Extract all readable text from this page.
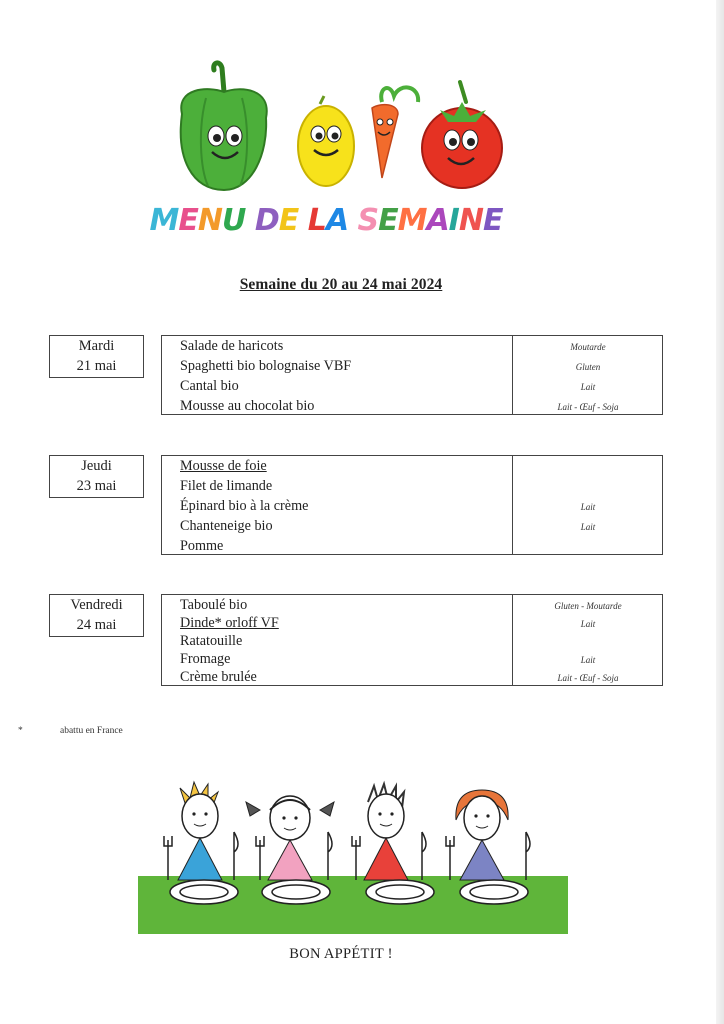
MENU DE LA SEMAINE
Semaine du 20 au 24 mai 2024
Mardi
21 mai
Salade de haricots	Moutarde
Spaghetti bio bolognaise VBF	Gluten
Cantal bio	Lait
Mousse au chocolat bio	Lait - Œuf - Soja
Jeudi
23 mai
Mousse de foie
Filet de limande
Épinard bio à la crème	Lait
Chanteneige bio	Lait
Pomme
Vendredi
24 mai
Taboulé bio	Gluten - Moutarde
Dinde* orloff VF	Lait
Ratatouille
Fromage	Lait
Crème brulée	Lait - Œuf - Soja
*	abattu en France
BON APPÉTIT !
